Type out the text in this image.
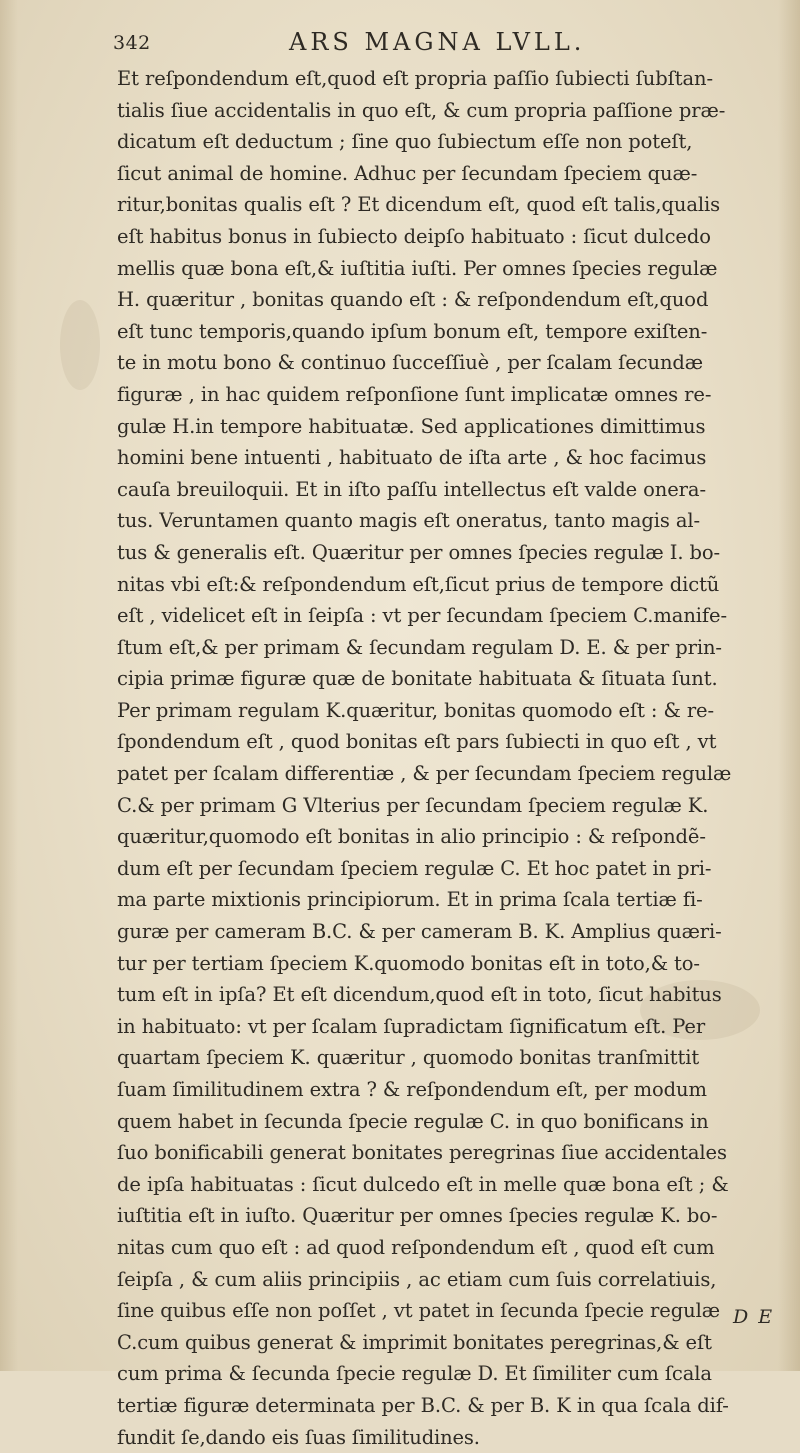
342	ARS MAGNA LVLL.
Et reſpondendum eſt,quod eſt propria paſſio ſubiecti ſubſtan-
tialis ſiue accidentalis in quo eſt, & cum propria paſſione præ-
dicatum eſt deductum ; ſine quo ſubiectum eſſe non poteſt,
ſicut animal de homine. Adhuc per ſecundam ſpeciem quæ-
ritur,bonitas qualis eſt ? Et dicendum eſt, quod eſt talis,qualis
eſt habitus bonus in ſubiecto deipſo habituato : ſicut dulcedo
mellis quæ bona eſt,& iuſtitia iuſti. Per omnes ſpecies regulæ
H. quæritur , bonitas quando eſt : & reſpondendum eſt,quod
eſt tunc temporis,quando ipſum bonum eſt, tempore exiſten-
te in motu bono & continuo ſucceſſiuè , per ſcalam ſecundæ
figuræ , in hac quidem reſponſione ſunt implicatæ omnes re-
gulæ H.in tempore habituatæ. Sed applicationes dimittimus
homini bene intuenti , habituato de iſta arte , & hoc facimus
cauſa breuiloquii. Et in iſto paſſu intellectus eſt valde onera-
tus. Veruntamen quanto magis eſt oneratus, tanto magis al-
tus & generalis eſt. Quæritur per omnes ſpecies regulæ I. bo-
nitas vbi eſt:& reſpondendum eſt,ſicut prius de tempore dictũ
eſt , videlicet eſt in ſeipſa : vt per ſecundam ſpeciem C.manife-
ſtum eſt,& per primam & ſecundam regulam D. E. & per prin-
cipia primæ figuræ quæ de bonitate habituata & ſituata ſunt.
Per primam regulam K.quæritur, bonitas quomodo eſt : & re-
ſpondendum eſt , quod bonitas eſt pars ſubiecti in quo eſt , vt
patet per ſcalam differentiæ , & per ſecundam ſpeciem regulæ
C.& per primam G Vlterius per ſecundam ſpeciem regulæ K.
quæritur,quomodo eſt bonitas in alio principio : & reſpondẽ-
dum eſt per ſecundam ſpeciem regulæ C. Et hoc patet in pri-
ma parte mixtionis principiorum. Et in prima ſcala tertiæ fi-
guræ per cameram B.C. & per cameram B. K. Amplius quæri-
tur per tertiam ſpeciem K.quomodo bonitas eſt in toto,& to-
tum eſt in ipſa? Et eſt dicendum,quod eſt in toto, ſicut habitus
in habituato: vt per ſcalam ſupradictam ſignificatum eſt. Per
quartam ſpeciem K. quæritur , quomodo bonitas tranſmittit
ſuam ſimilitudinem extra ? & reſpondendum eſt, per modum
quem habet in ſecunda ſpecie regulæ C. in quo bonificans in
ſuo bonificabili generat bonitates peregrinas ſiue accidentales
de ipſa habituatas : ſicut dulcedo eſt in melle quæ bona eſt ; &
iuſtitia eſt in iuſto. Quæritur per omnes ſpecies regulæ K. bo-
nitas cum quo eſt : ad quod reſpondendum eſt , quod eſt cum
ſeipſa , & cum aliis principiis , ac etiam cum ſuis correlatiuis,
ſine quibus eſſe non poſſet , vt patet in ſecunda ſpecie regulæ
C.cum quibus generat & imprimit bonitates peregrinas,& eſt
cum prima & ſecunda ſpecie regulæ D. Et ſimiliter cum ſcala
tertiæ figuræ determinata per B.C. & per B. K in qua ſcala dif-
fundit ſe,dando eis ſuas ſimilitudines.
D E
